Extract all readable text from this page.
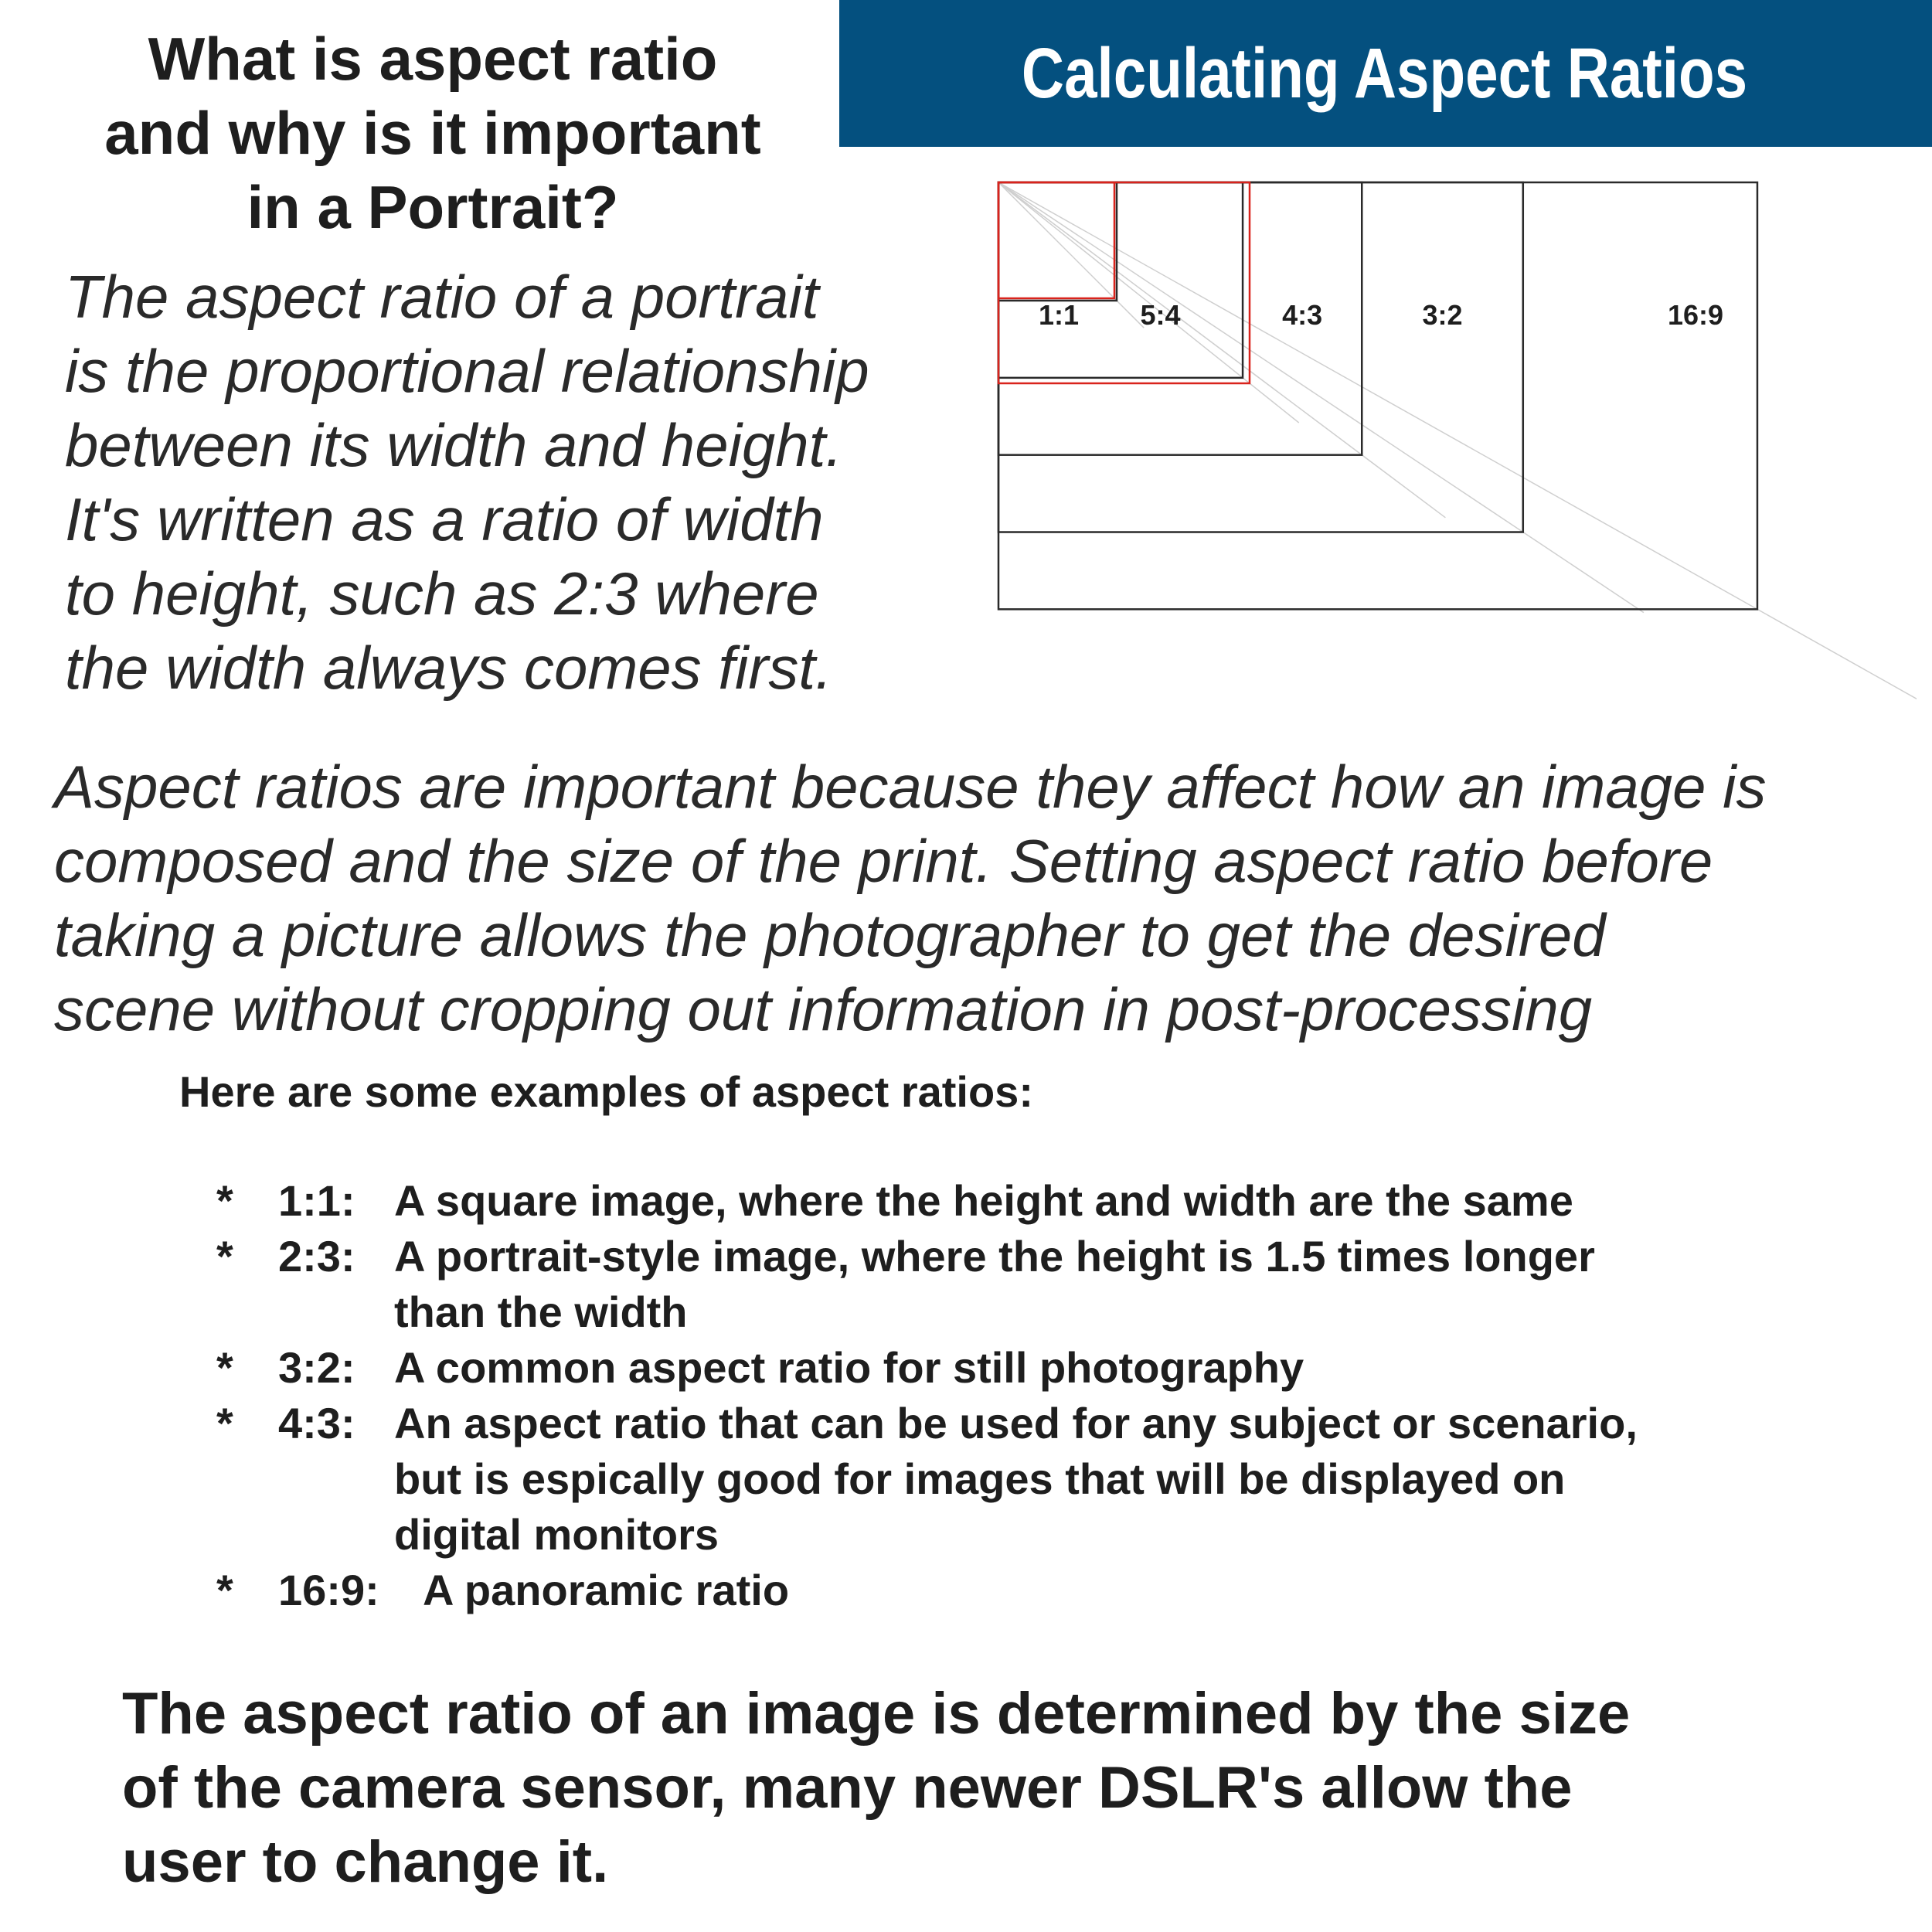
What is aspect ratio
and why is it important
in a Portrait?
The aspect ratio of a portrait
is the proportional relationship
between its width and height.
It's written as a ratio of width
to height, such as 2:3 where
the width always comes first.
Calculating Aspect Ratios
1:1 5:4	4:3	3:2	16:9
Aspect ratios are important because they affect how an image is
composed and the size of the print. Setting aspect ratio before
taking a picture allows the photographer to get the desired
scene without cropping out information in post-processing
Here are some examples of aspect ratios:
* 1:1: A square image, where the height and width are the same
* 2:3: A portrait-style image, where the height is 1.5 times longer
than the width
* 3:2: A common aspect ratio for still photography
* 4:3: An aspect ratio that can be used for any subject or scenario,
but is espically good for images that will be displayed on
digital monitors
* 16:9: A panoramic ratio
The aspect ratio of an image is determined by the size
of the camera sensor, many newer DSLR's allow the
user to change it.
